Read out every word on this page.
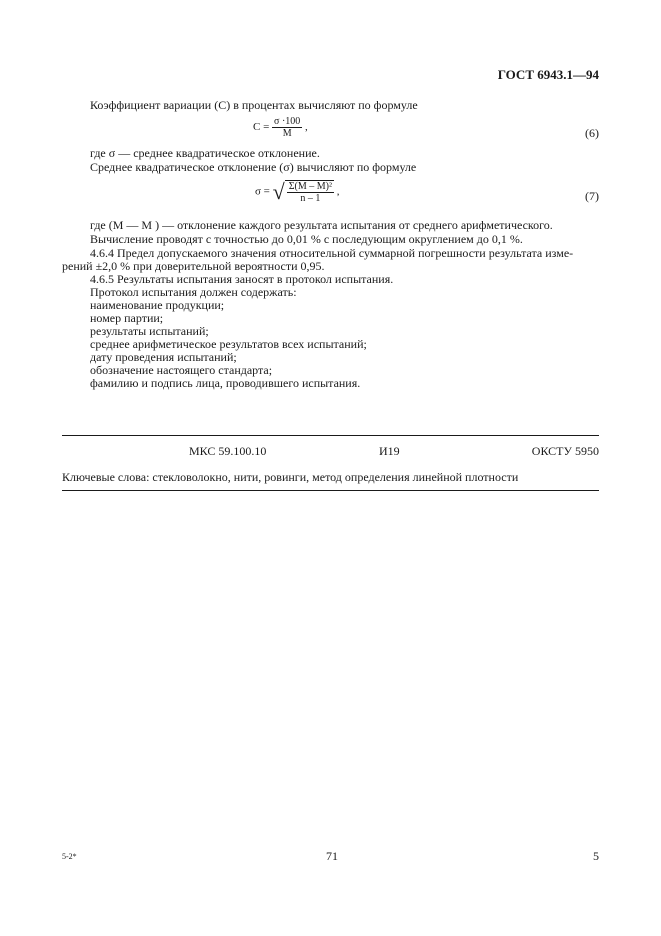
ГОСТ 6943.1—94
Коэффициент вариации (C) в процентах вычисляют по формуле
$C = \frac{\sigma \cdot 100}{M}$ ,	(6)
где σ — среднее квадратическое отклонение.
Среднее квадратическое отклонение (σ) вычисляют по формуле
σ = √ $\frac{\text{Σ(M – M)²}}{n - 1}$ ,	(7)
где (M — M ) — отклонение каждого результата испытания от среднего арифметического.
Вычисление проводят с точностью до 0,01 % с последующим округлением до 0,1 %.
4.6.4 Предел допускаемого значения относительной суммарной погрешности результата изме-
рений ±2,0 % при доверительной вероятности 0,95.
4.6.5 Результаты испытания заносят в протокол испытания.
Протокол испытания должен содержать:
наименование продукции;
номер партии;
результаты испытаний;
среднее арифметическое результатов всех испытаний;
дату проведения испытаний;
обозначение настоящего стандарта;
фамилию и подпись лица, проводившего испытания.
МКС 59.100.10	И19	ОКСТУ 5950
Ключевые слова: стекловолокно, нити, ровинги, метод определения линейной плотности
5-2*	71	5
